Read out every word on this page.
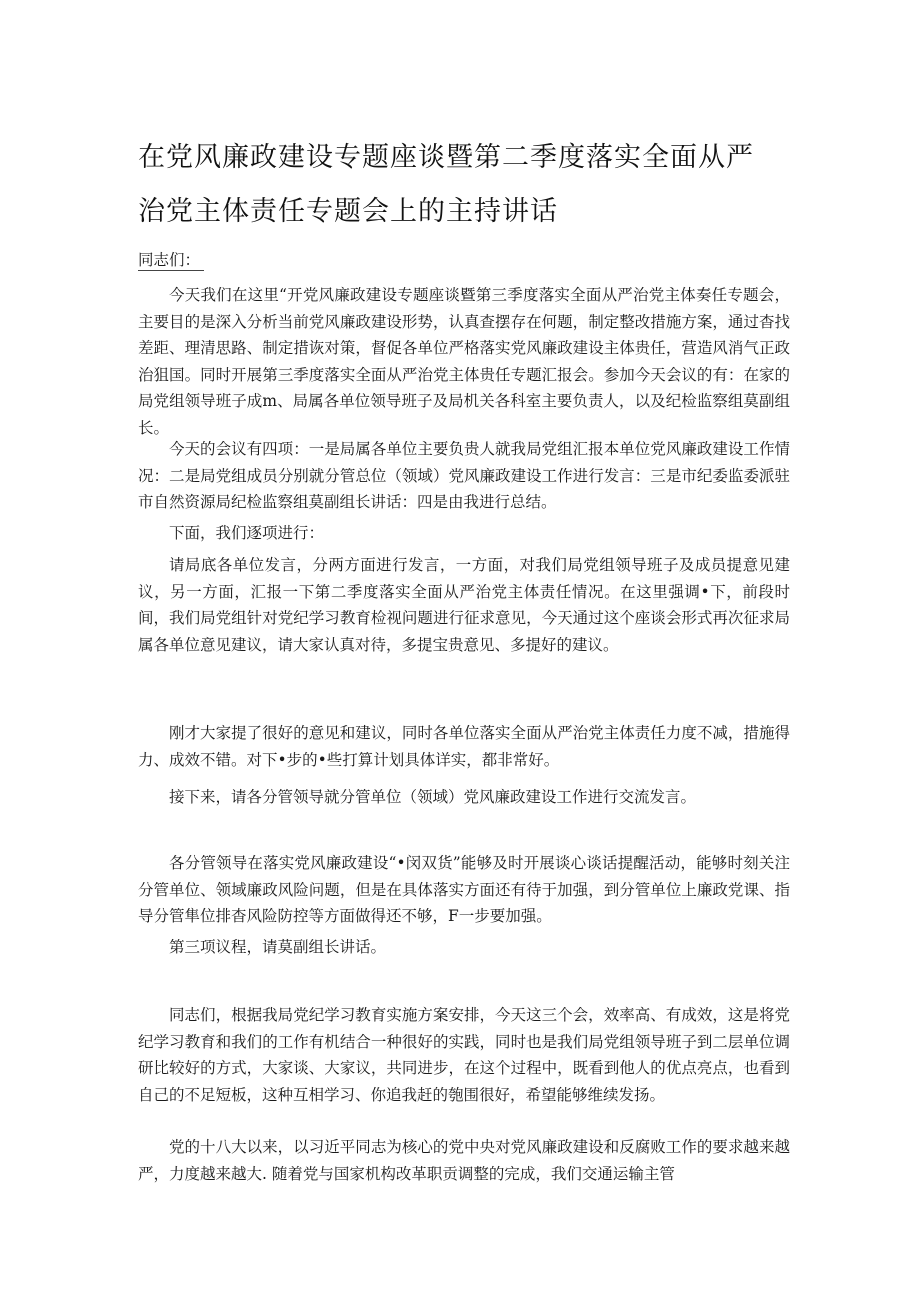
在党风廉政建设专题座谈暨第二季度落实全面从严
治党主体责任专题会上的主持讲话

同志们：

今天我们在这里“开党风廉政建设专题座谈暨第三季度落实全面从严治党主体奏任专题会，主要目的是深入分析当前党风廉政建设形势，认真查摆存在何题，制定整改措施方案，通过杳找差距、理清思路、制定措诙对策，督促各单位严格落实党风廉政建设主体贵任，营造风消气正政治狙国。同时开展第三季度落实全面从严治党主体贵任专题汇报会。参加今天会议的有：在家的局党组领导班子成m、局属各单位领导班子及局机关各科室主要负责人，以及纪检监察组莫副组长。

今天的会议有四项：一是局属各单位主要负贵人就我局党组汇报本单位党风廉政建设工作情况：二是局党组成员分别就分管总位（领域）党风廉政建设工作进行发言：三是市纪委监委派驻市自然资源局纪检监察组莫副组长讲话：四是由我进行总结。

下面，我们逐项进行：

请局底各单位发言，分两方面进行发言，一方面，对我们局党组领导班子及成员提意见建议，另一方面，汇报一下第二季度落实全面从严治党主体责任情况。在这里强调•下，前段时间，我们局党组针对党纪学习教育检视问题进行征求意见，今天通过这个座谈会形式再次征求局属各单位意见建议，请大家认真对待，多提宝贵意见、多提好的建议。

刚才大家提了很好的意见和建议，同时各单位落实全面从严治党主体责任力度不减，措施得力、成效不错。对下•步的•些打算计划具体详实，都非常好。

接下来，请各分管领导就分管单位（领域）党风廉政建设工作进行交流发言。

各分管领导在落实党风廉政建设“•闵双货”能够及时开展谈心谈话提醒活动，能够时刻关注分管单位、领域廉政风险问题，但是在具体落实方面还有待于加强，到分管单位上廉政党课、指导分管隼位排杳风险防控等方面做得还不够，F一步要加强。

第三项议程，请莫副组长讲话。

同志们，根据我局党纪学习教育实施方案安排，今天这三个会，效率高、有成效，这是将党纪学习教育和我们的工作有机结合一种很好的实践，同时也是我们局党组领导班子到二层单位调研比较好的方式，大家谈、大家议，共同进步，在这个过程中，既看到他人的优点亮点，也看到自己的不足短板，这种互相学习、你追我赶的匏围很好，希望能够维续发扬。

党的十八大以来，以习近平同志为核心的党中央对党风廉政建设和反腐败工作的要求越来越严，力度越来越大. 随着党与国家机构改革职贡调整的完成，我们交通运输主管
